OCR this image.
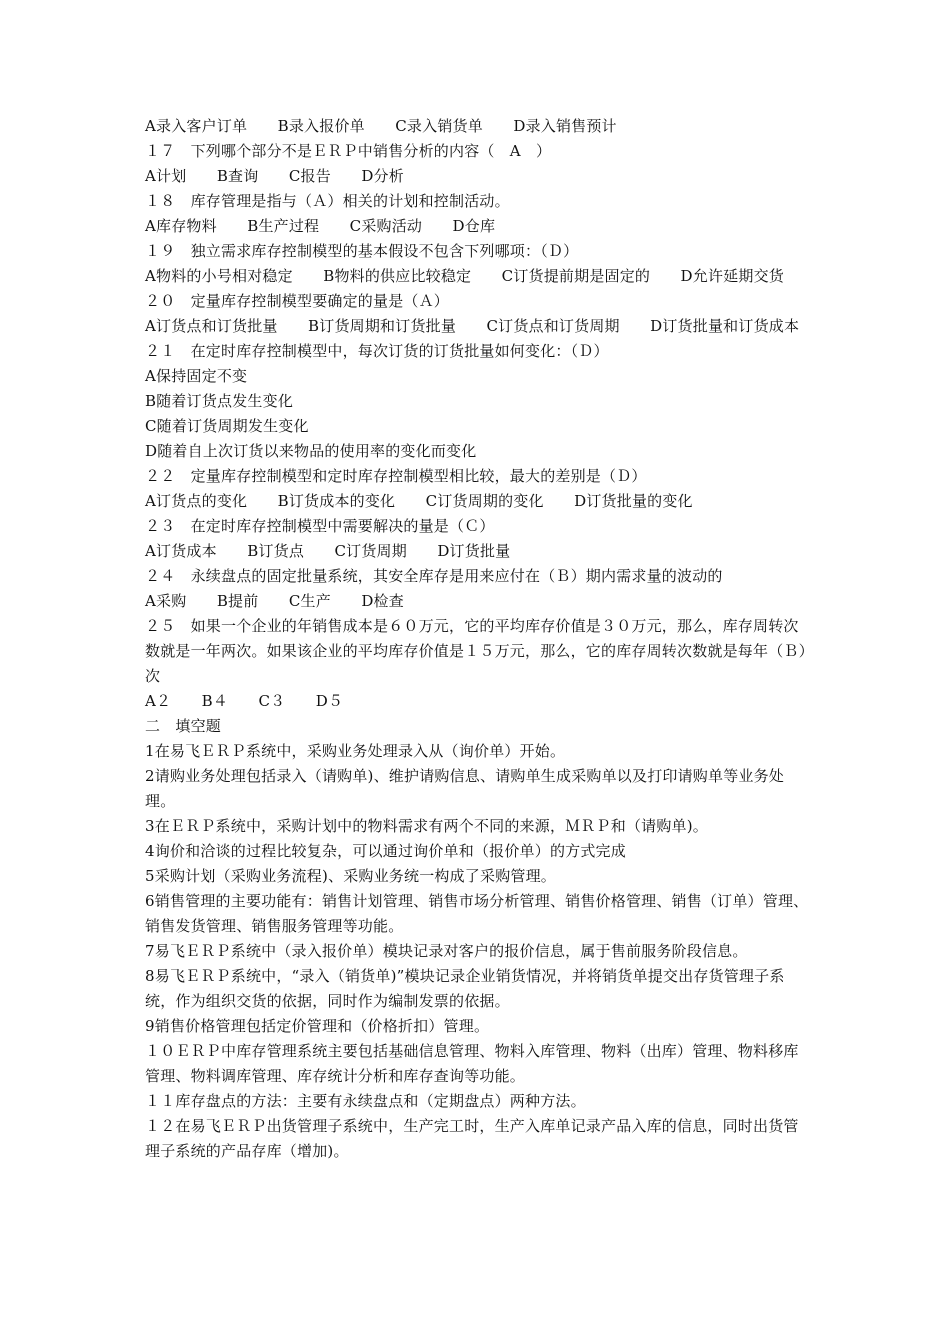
A录入客户订单　　B录入报价单　　C录入销货单　　D录入销售预计

１７　下列哪个部分不是ＥＲＰ中销售分析的内容（　A　）

A计划　　B查询　　C报告　　D分析

１８　库存管理是指与（Ａ）相关的计划和控制活动。

A库存物料　　B生产过程　　C采购活动　　D仓库

１９　独立需求库存控制模型的基本假设不包含下列哪项：（Ｄ）

A物料的小号相对稳定　　B物料的供应比较稳定　　C订货提前期是固定的　　D允许延期交货

２０　定量库存控制模型要确定的量是（Ａ）

A订货点和订货批量　　B订货周期和订货批量　　C订货点和订货周期　　D订货批量和订货成本

２１　在定时库存控制模型中，每次订货的订货批量如何变化：（Ｄ）

A保持固定不变

B随着订货点发生变化

C随着订货周期发生变化

D随着自上次订货以来物品的使用率的变化而变化

２２　定量库存控制模型和定时库存控制模型相比较，最大的差别是（Ｄ）

A订货点的变化　　B订货成本的变化　　C订货周期的变化　　D订货批量的变化

２３　在定时库存控制模型中需要解决的量是（Ｃ）

A订货成本　　B订货点　　C订货周期　　D订货批量

２４　永续盘点的固定批量系统，其安全库存是用来应付在（Ｂ）期内需求量的波动的

A采购　　B提前　　C生产　　D检查

２５　如果一个企业的年销售成本是６０万元，它的平均库存价值是３０万元，那么，库存周转次数就是一年两次。如果该企业的平均库存价值是１５万元，那么，它的库存周转次数就是每年（Ｂ）次

A２　　B４　　C３　　D５

二　填空题

1在易飞ＥＲＰ系统中，采购业务处理录入从（询价单）开始。

2请购业务处理包括录入（请购单)、维护请购信息、请购单生成采购单以及打印请购单等业务处理。

3在ＥＲＰ系统中，采购计划中的物料需求有两个不同的来源，ＭＲＰ和（请购单)。

4询价和洽谈的过程比较复杂，可以通过询价单和（报价单）的方式完成

5采购计划（采购业务流程)、采购业务统一构成了采购管理。

6销售管理的主要功能有：销售计划管理、销售市场分析管理、销售价格管理、销售（订单）管理、销售发货管理、销售服务管理等功能。

7易飞ＥＲＰ系统中（录入报价单）模块记录对客户的报价信息，属于售前服务阶段信息。

8易飞ＥＲＰ系统中，“录入（销货单)”模块记录企业销货情况，并将销货单提交出存货管理子系统，作为组织交货的依据，同时作为编制发票的依据。

9销售价格管理包括定价管理和（价格折扣）管理。

１０ＥＲＰ中库存管理系统主要包括基础信息管理、物料入库管理、物料（出库）管理、物料移库管理、物料调库管理、库存统计分析和库存查询等功能。

１１库存盘点的方法：主要有永续盘点和（定期盘点）两种方法。

１２在易飞ＥＲＰ出货管理子系统中，生产完工时，生产入库单记录产品入库的信息，同时出货管理子系统的产品存库（增加)。
